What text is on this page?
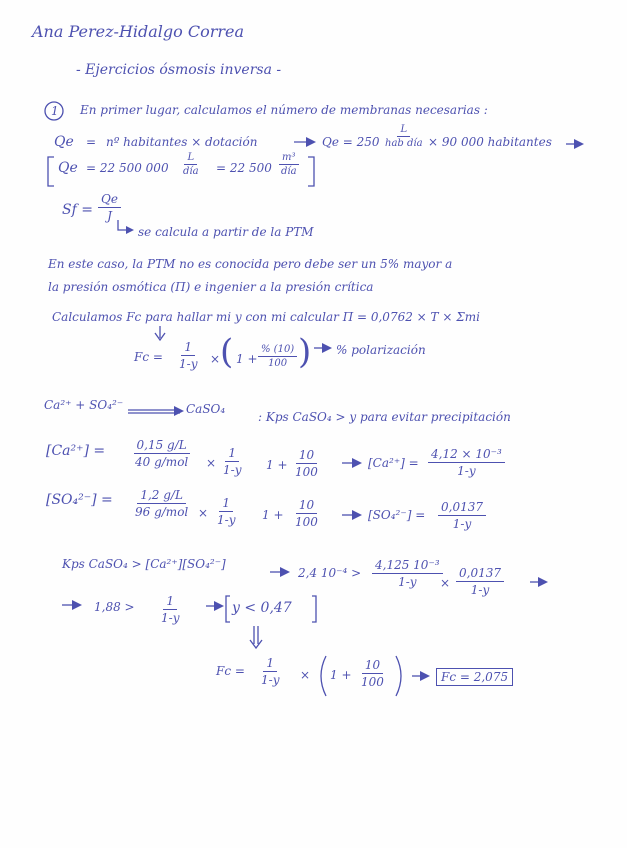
Ana Perez-Hidalgo Correa
- Ejercicios ósmosis inversa -
1 En primer lugar, calculamos el número de membranas necesarias :
Qe = nº habitantes × dotación	Qe = 250
L
hab día × 90 000 habitantes
Qe = 22 500 000
L
día = 22 500
m³
día
$Sf = \frac{Qe}{J}$
se calcula a partir de la PTM
En este caso, la PTM no es conocida pero debe ser un 5% mayor a
la presión osmótica (Π) e ingenier a la presión crítica
Calculamos Fc para hallar mi y con mi calcular Π = 0,0762 × T × Σmi
$Fc = \frac{1}{1-y}$ × ( $1 + \frac{\% (10)}{100}$ ) % polarización
Ca²⁺ + SO₄²⁻	CaSO₄
: Kps CaSO₄ > y para evitar precipitación
[Ca²⁺] =	0,15 g/L
40 $g/mol \times \frac{1}{1-y} 1 + \frac{10}{100}$	$[Ca^{2+}] = \frac{\text{4,12 × 10⁻³}}{1-y}$
[SO₄²⁻] = 1,2 g/L
96 $g/mol \times \frac{1}{1-y} 1 + \frac{10}{100}$	$[SO_4^{2-}] = \frac{0,0137}{1-y}$
Kps CaSO₄ > [Ca²⁺][SO₄²⁻]
2,4 $10^{-4} > \frac{\text{4,125 10⁻³}}{1-y}$
× $\frac{0,0137}{1-y}$
$1,88 > \frac{1}{1-y}$	y < 0,47
$Fc = \frac{1}{1-y} \times 1 + \frac{10}{100}$	Fc = 2,075
